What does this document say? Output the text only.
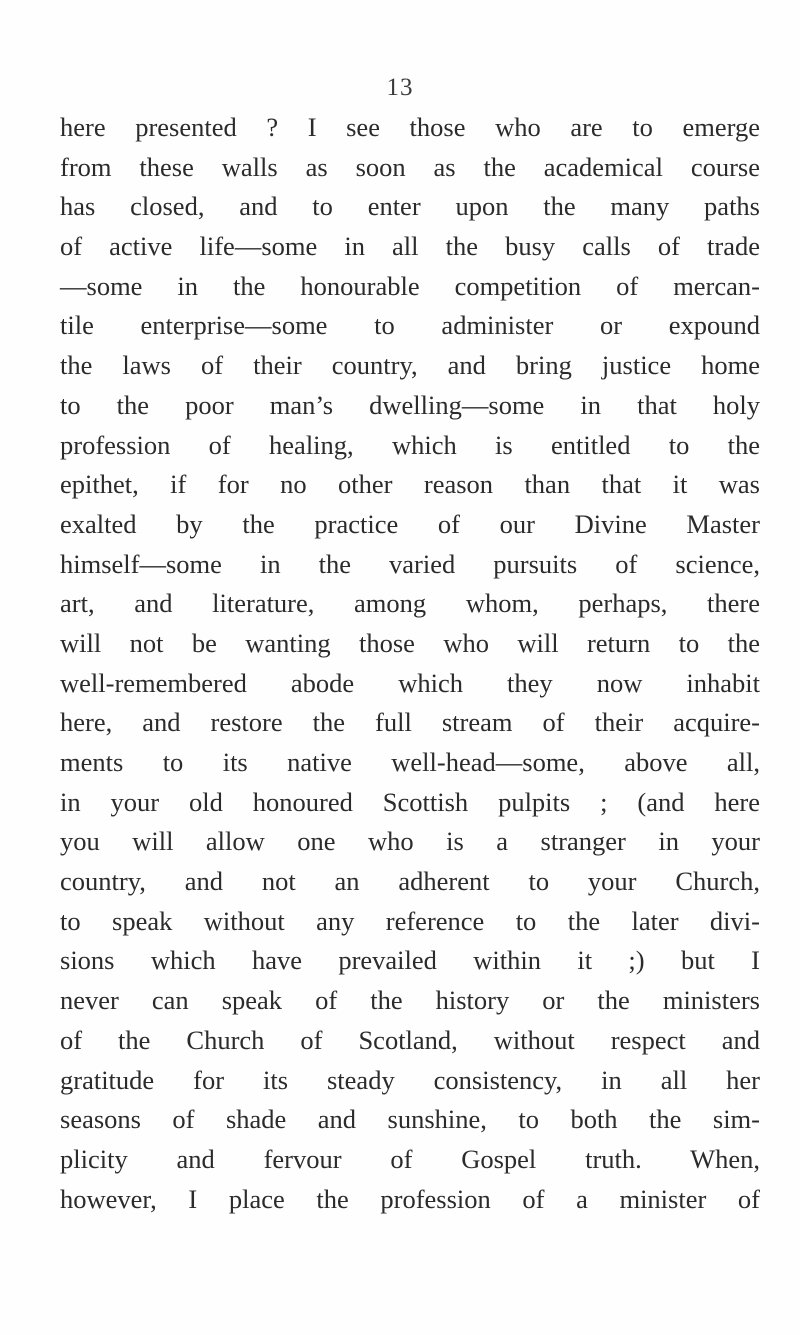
13
here presented ? I see those who are to emerge
from these walls as soon as the academical course
has closed, and to enter upon the many paths
of active life—some in all the busy calls of trade
—some in the honourable competition of mercan-
tile enterprise—some to administer or expound
the laws of their country, and bring justice home
to the poor man’s dwelling—some in that holy
profession of healing, which is entitled to the
epithet, if for no other reason than that it was
exalted by the practice of our Divine Master
himself—some in the varied pursuits of science,
art, and literature, among whom, perhaps, there
will not be wanting those who will return to the
well-remembered abode which they now inhabit
here, and restore the full stream of their acquire-
ments to its native well-head—some, above all,
in your old honoured Scottish pulpits ; (and here
you will allow one who is a stranger in your
country, and not an adherent to your Church,
to speak without any reference to the later divi-
sions which have prevailed within it ;) but I
never can speak of the history or the ministers
of the Church of Scotland, without respect and
gratitude for its steady consistency, in all her
seasons of shade and sunshine, to both the sim-
plicity and fervour of Gospel truth. When,
however, I place the profession of a minister of
